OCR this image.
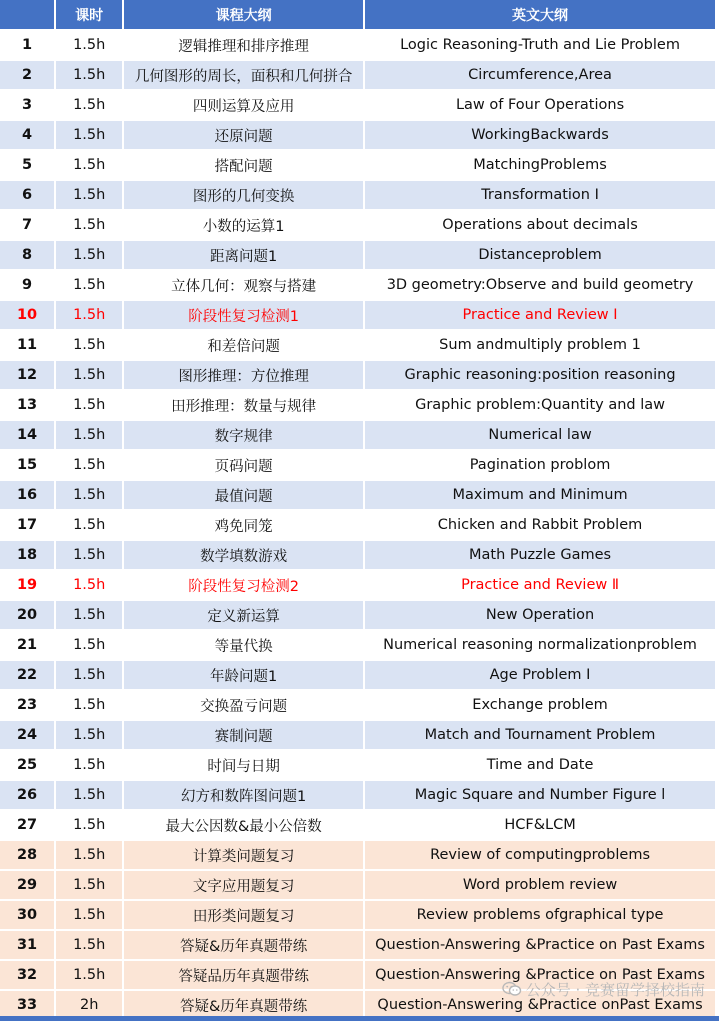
	课时	课程大纲	英文大纲
1	1.5h	逻辑推理和排序推理	Logic Reasoning-Truth and Lie Problem
2	1.5h	几何图形的周长，面积和几何拼合	Circumference,Area
3	1.5h	四则运算及应用	Law of Four Operations
4	1.5h	还原问题	WorkingBackwards
5	1.5h	搭配问题	MatchingProblems
6	1.5h	图形的几何变换	Transformation I
7	1.5h	小数的运算1	Operations about decimals
8	1.5h	距离问题1	Distanceproblem
9	1.5h	立体几何：观察与搭建	3D geometry:Observe and build geometry
10	1.5h	阶段性复习检测1	Practice and Review I
11	1.5h	和差倍问题	Sum andmultiply problem 1
12	1.5h	图形推理：方位推理	Graphic reasoning:position reasoning
13	1.5h	田形推理：数量与规律	Graphic problem:Quantity and law
14	1.5h	数字规律	Numerical law
15	1.5h	页码问题	Pagination problom
16	1.5h	最值问题	Maximum and Minimum
17	1.5h	鸡免同笼	Chicken and Rabbit Problem
18	1.5h	数学填数游戏	Math Puzzle Games
19	1.5h	阶段性复习检测2	Practice and Review Ⅱ
20	1.5h	定义新运算	New Operation
21	1.5h	等量代换	Numerical reasoning normalizationproblem
22	1.5h	年龄问题1	Age Problem I
23	1.5h	交换盈亏问题	Exchange problem
24	1.5h	赛制问题	Match and Tournament Problem
25	1.5h	时间与日期	Time and Date
26	1.5h	幻方和数阵图问题1	Magic Square and Number Figure l
27	1.5h	最大公因数&最小公倍数	HCF&LCM
28	1.5h	计算类问题复习	Review of computingproblems
29	1.5h	文字应用题复习	Word problem review
30	1.5h	田形类问题复习	Review problems ofgraphical type
31	1.5h	答疑&历年真题带练	Question-Answering &Practice on Past Exams
32	1.5h	答疑品历年真题带练	Question-Answering &Practice on Past Exams
33	2h	答疑&历年真题带练	Question-Answering &Practice onPast Exams
公众号 · 竞赛留学择校指南
